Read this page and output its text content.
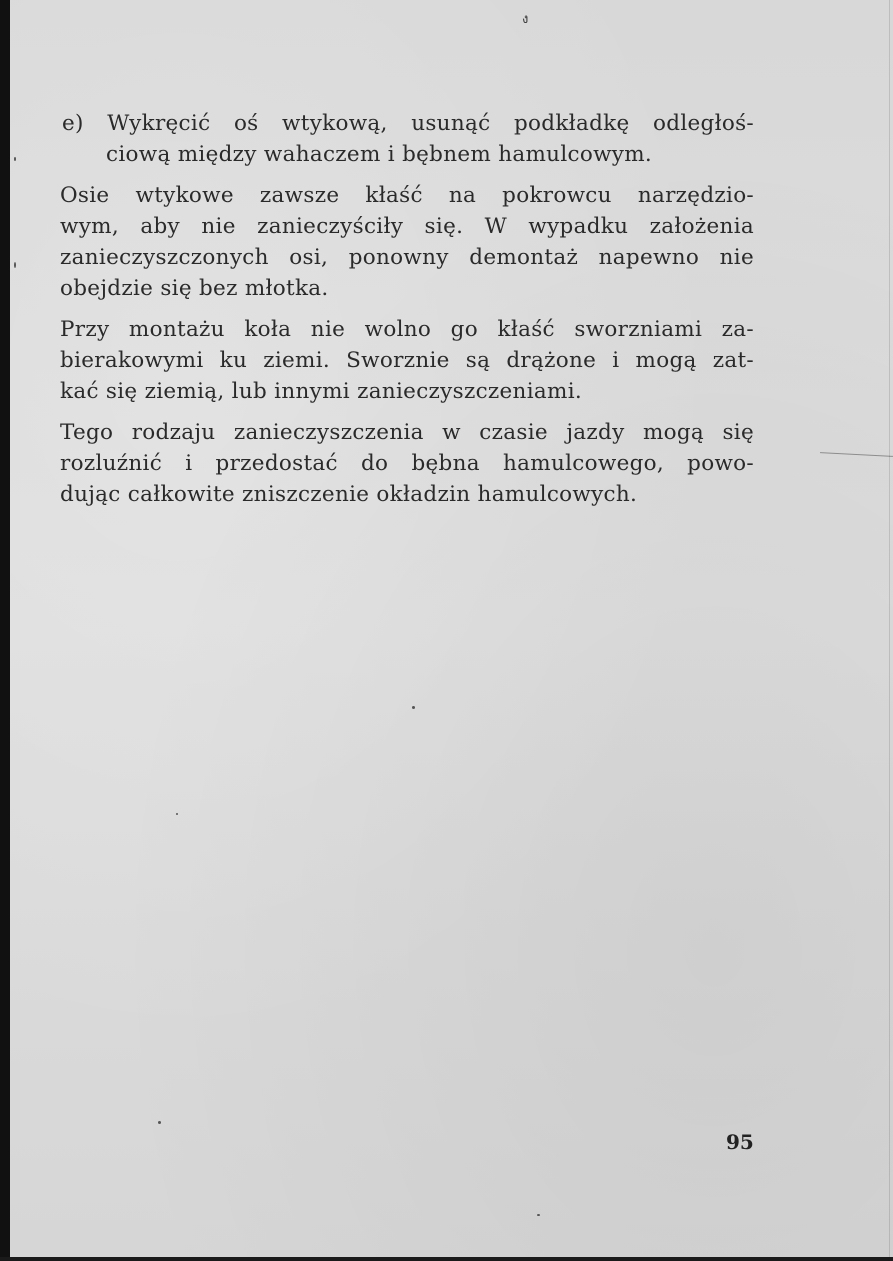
ง
e) Wykręcić oś wtykową, usunąć podkładkę odległoś-
ciową między wahaczem i bębnem hamulcowym.
Osie wtykowe zawsze kłaść na pokrowcu narzędzio-
wym, aby nie zanieczyściły się. W wypadku założenia
zanieczyszczonych osi, ponowny demontaż napewno nie
obejdzie się bez młotka.
Przy montażu koła nie wolno go kłaść sworzniami za-
bierakowymi ku ziemi. Sworznie są drążone i mogą zat-
kać się ziemią, lub innymi zanieczyszczeniami.
Tego rodzaju zanieczyszczenia w czasie jazdy mogą się
rozluźnić i przedostać do bębna hamulcowego, powo-
dując całkowite zniszczenie okładzin hamulcowych.
95
